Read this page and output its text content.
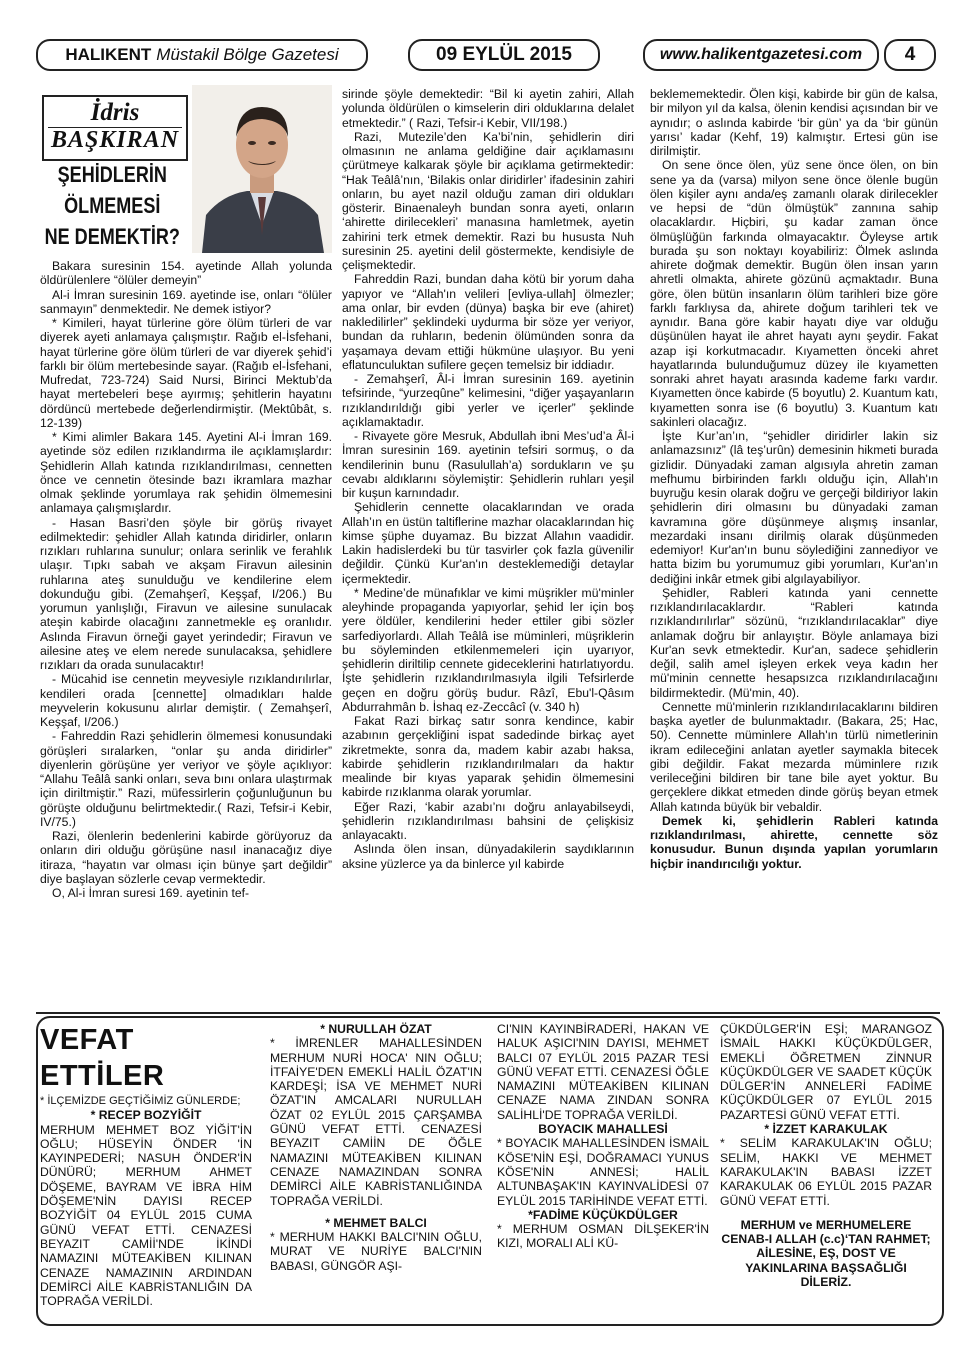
HALIKENT Müstakil Bölge Gazetesi	09 EYLÜL 2015	www.halikentgazetesi.com	4
İdris
BAŞKIRAN
ŞEHİDLERİN
ÖLMEMESİ
NE DEMEKTİR?

Bakara suresinin 154. ayetinde Allah yolunda öldürülenlere “ölüler demeyin”

Al-i İmran suresinin 169. ayetinde ise, onları “ölüler sanmayın” denmektedir. Ne demek istiyor?

* Kimileri, hayat türlerine göre ölüm türleri de var diyerek ayeti anlamaya çalışmıştır. Rağıb el-İsfehani, hayat türlerine göre ölüm türleri de var diyerek şehid’i farklı bir ölüm mertebesinde sayar. (Rağıb el-İsfehani, Mufredat, 723-724) Said Nursi, Birinci Mektub’da hayat mertebeleri beşe ayırmış; şehitlerin hayatını dördüncü mertebede değerlendirmiştir. (Mektûbât, s. 12-139)

* Kimi alimler Bakara 145. Ayetini Al-i İmran 169. ayetinde söz edilen rızıklandırma ile açıklamışlardır: Şehidlerin Allah katında rızıklandırılması, cennetten önce ve cennetin ötesinde bazı ikramlara mazhar olmak şeklinde yorumlaya rak şehidin ölmemesini anlamaya çalışmışlardır.

- Hasan Basri’den şöyle bir görüş rivayet edilmektedir: şehidler Allah katında diridirler, onların rızıkları ruhlarına sunulur; onlara serinlik ve ferahlık ulaşır. Tıpkı sabah ve akşam Firavun ailesinin ruhlarına ateş sunulduğu ve kendilerine elem dokunduğu gibi. (Zemahşerî, Keşşaf, I/206.) Bu yorumun yanlışlığı, Firavun ve ailesine sunulacak ateşin kabirde olacağını zannetmekle eş oranlıdır. Aslında Firavun örneği gayet yerindedir; Firavun ve ailesine ateş ve elem nerede sunulacaksa, şehidlere rızıkları da orada sunulacaktır!

- Mücahid ise cennetin meyvesiyle rızıklandırılırlar, kendileri orada [cennette] olmadıkları halde meyvelerin kokusunu alırlar demiştir. ( Zemahşerî, Keşşaf, I/206.)

- Fahreddin Razi şehidlerin ölmemesi konusundaki görüşleri sıralarken, “onlar şu anda diridirler” diyenlerin görüşüne yer veriyor ve şöyle açıklıyor: “Allahu Teâlâ sanki onları, seva bını onlara ulaştırmak için diriltmiştir.” Razi, müfessirlerin çoğunluğunun bu görüşte olduğunu belirtmektedir.( Razi, Tefsir-i Kebir, IV/75.)

Razi, ölenlerin bedenlerini kabirde görüyoruz da onların diri olduğu görüşüne nasıl inanacağız diye itiraza, “hayatın var olması için bünye şart değildir” diye başlayan sözlerle cevap vermektedir.

O, Al-i İmran suresi 169. ayetinin tef-

sirinde şöyle demektedir: “Bil ki ayetin zahiri, Allah yolunda öldürülen o kimselerin diri olduklarına delalet etmektedir.” ( Razi, Tefsir-i Kebir, VII/198.)

Razi, Mutezile’den Ka’bi’nin, şehidlerin diri olmasının ne anlama geldiğine dair açıklamasını çürütmeye kalkarak şöyle bir açıklama getirmektedir: “Hak Teâlâ’nın, ‘Bilakis onlar diridirler’ ifadesinin zahiri onların, bu ayet nazil olduğu zaman diri oldukları gösterir. Binaenaleyh bundan sonra ayeti, onların ‘ahirette dirilecekleri’ manasına hamletmek, ayetin zahirini terk etmek demektir. Razi bu hususta Nuh suresinin 25. ayetini delil göstermekte, kendisiyle de çelişmektedir.

Fahreddin Razi, bundan daha kötü bir yorum daha yapıyor ve “Allah'ın velileri [evliya-ullah] ölmezler; ama onlar, bir evden (dünya) başka bir eve (ahiret) nakledilirler” şeklindeki uydurma bir söze yer veriyor, bundan da ruhların, bedenin ölümünden sonra da yaşamaya devam ettiği hükmüne ulaşıyor. Bu yeni eflatunculuktan sufilere geçen temelsiz bir iddiadır.

- Zemahşerî, Âl-i İmran suresinin 169. ayetinin tefsirinde, “yurzeqûne” kelimesini, “diğer yaşayanların rızıklandırıldığı gibi yerler ve içerler” şeklinde açıklamaktadır.

- Rivayete göre Mesruk, Abdullah ibni Mes’ud’a Âl-i İmran suresinin 169. ayetinin tefsiri sormuş, o da kendilerinin bunu (Rasulullah’a) sordukların ve şu cevabı aldıklarını söylemiştir: Şehidlerin ruhları yeşil bir kuşun karnındadır.

Şehidlerin cennette olacaklarından ve orada Allah’ın en üstün taltiflerine mazhar olacaklarından hiç kimse şüphe duyamaz. Bu bizzat Allahın vaadidir. Lakin hadislerdeki bu tür tasvirler çok fazla güvenilir değildir. Çünkü Kur'an'ın desteklemediği detaylar içermektedir.

* Medine’de münafıklar ve kimi müşrikler mü'minler aleyhinde propaganda yapıyorlar, şehid ler için boş yere öldüler, kendilerini heder ettiler gibi sözler sarfediyorlardı. Allah Teâlâ ise müminleri, müşriklerin bu söyleminden etkilenmemeleri için uyarıyor, şehidlerin diriltilip cennete gideceklerini hatırlatıyordu. İşte şehidlerin rızıklandırılmasıyla ilgili Tefsirlerde geçen en doğru görüş budur. Râzî, Ebu'l-Qâsım Abdurrahmân b. İshaq ez-Zeccâcî (v. 340 h)

Fakat Razi birkaç satır sonra kendince, kabir azabının gerçekliğini ispat sadedinde birkaç ayet zikretmekte, sonra da, madem kabir azabı haksa, kabirde şehidlerin rızıklandırılmaları da haktır mealinde bir kıyas yaparak şehidin ölmemesini kabirde rızıklanma olarak yorumlar.

Eğer Razi, ‘kabir azabı’nı doğru anlayabilseydi, şehidlerin rızıklandırılması bahsini de çelişkisiz anlayacaktı.

Aslında ölen insan, dünyadakilerin saydıklarının aksine yüzlerce ya da binlerce yıl kabirde

beklememektedir. Ölen kişi, kabirde bir gün de kalsa, bir milyon yıl da kalsa, ölenin kendisi açısından bir ve aynıdır; o aslında kabirde ‘bir gün’ ya da ‘bir günün yarısı’ kadar (Kehf, 19) kalmıştır. Ertesi gün ise dirilmiştir.

On sene önce ölen, yüz sene önce ölen, on bin sene ya da (varsa) milyon sene önce ölenle bugün ölen kişiler aynı anda/eş zamanlı olarak dirilecekler ve hepsi de “dün ölmüştük” zannına sahip olacaklardır. Hiçbiri, şu kadar zaman önce ölmüşlüğün farkında olmayacaktır. Öyleyse artık burada şu son noktayı koyabiliriz: Ölmek aslında ahirete doğmak demektir. Bugün ölen insan yarın ahretli olmakta, ahirete gözünü açmaktadır. Buna göre, ölen bütün insanların ölüm tarihleri bize göre farklı farklıysa da, ahirete doğum tarihleri tek ve aynıdır. Bana göre kabir hayatı diye var olduğu düşünülen hayat ile ahret hayatı aynı şeydir. Fakat azap işi korkutmacadır. Kıyametten önceki ahret hayatlarında bulunduğumuz düzey ile kıyametten sonraki ahret hayatı arasında kademe farkı vardır. Kıyametten önce kabirde (5 boyutlu) 2. Kuantum katı, kıyametten sonra ise (6 boyutlu) 3. Kuantum katı sakinleri olacağız.

İşte Kur’an’ın, “şehidler diridirler lakin siz anlamazsınız” (lâ teş’urûn) demesinin hikmeti burada gizlidir. Dünyadaki zaman algısıyla ahretin zaman mefhumu birbirinden farklı olduğu için, Allah'ın buyruğu kesin olarak doğru ve gerçeği bildiriyor lakin şehidlerin diri olmasını bu dünyadaki zaman kavramına göre düşünmeye alışmış insanlar, mezardaki insanı dirilmiş olarak düşünmeden edemiyor! Kur'an'ın bunu söylediğini zannediyor ve hatta bizim bu yorumumuz gibi yorumları, Kur'an’ın dediğini inkâr etmek gibi algılayabiliyor.

Şehidler, Rableri katında yani cennette rızıklandırılacaklardır. “Rableri katında rızıklandırılırlar” sözünü, “rızıklandırılacaklar” diye anlamak doğru bir anlayıştır. Böyle anlamaya bizi Kur'an sevk etmektedir. Kur'an, sadece şehidlerin değil, salih amel işleyen erkek veya kadın her mü'minin cennette hesapsızca rızıklandırılacağını bildirmektedir. (Mü'min, 40).

Cennette mü'minlerin rızıklandırılacaklarını bildiren başka ayetler de bulunmaktadır. (Bakara, 25; Hac, 50). Cennette müminlere Allah'ın türlü nimetlerinin ikram edileceğini anlatan ayetler saymakla bitecek gibi değildir. Fakat mezarda müminlere rızık verileceğini bildiren bir tane bile ayet yoktur. Bu gerçeklere dikkat etmeden dinde görüş beyan etmek Allah katında büyük bir vebaldir.

Demek ki, şehidlerin Rableri katında rızıklandırılması, ahirette, cennette söz konusudur. Bunun dışında yapılan yorumların hiçbir inandırıcılığı yoktur.

VEFAT ETTİLER

* İLÇEMİZDE GEÇTİĞİMİZ GÜNLERDE;

* RECEP BOZYİĞİT

MERHUM MEHMET BOZ YİĞİT'İN OĞLU; HÜSEYİN ÖNDER 'İN KAYINPEDERİ; NASUH ÖNDER'İN DÜNÜRÜ; MERHUM AHMET DÖŞEME, BAYRAM VE İBRA HİM DÖŞEME'NİN DAYISI RECEP BOZYİĞİT 04 EYLÜL 2015 CUMA GÜNÜ VEFAT ETTİ. CENAZESİ BEYAZIT CAMİİ'NDE İKİNDİ NAMAZINI MÜTEAKİBEN KILINAN CENAZE NAMAZININ ARDINDAN DEMİRCİ AİLE KABRİSTANLIĞIN DA TOPRAĞA VERİLDİ.

* NURULLAH ÖZAT

* İMRENLER MAHALLESİNDEN MERHUM NURİ HOCA' NIN OĞLU; İTFAİYE'DEN EMEKLİ HALİL ÖZAT'IN KARDEŞİ; İSA VE MEHMET NURİ ÖZAT'IN AMCALARI NURULLAH ÖZAT 02 EYLÜL 2015 ÇARŞAMBA GÜNÜ VEFAT ETTİ. CENAZESİ BEYAZIT CAMİİN DE ÖĞLE NAMAZINI MÜTEAKİBEN KILINAN CENAZE NAMAZINDAN SONRA DEMİRCİ AİLE KABRİSTANLIĞINDA TOPRAĞA VERİLDİ.

* MEHMET BALCI

* MERHUM HAKKI BALCI'NIN OĞLU, MURAT VE NURİYE BALCI'NIN BABASI, GÜNGÖR AŞI-

CI'NIN KAYINBİRADERİ, HAKAN VE HALUK AŞICI'NIN DAYISI, MEHMET BALCI 07 EYLÜL 2015 PAZAR TESİ GÜNÜ VEFAT ETTİ. CENAZESİ ÖĞLE NAMAZINI MÜTEAKİBEN KILINAN CENAZE NAMA ZINDAN SONRA SALİHLİ'DE TOPRAĞA VERİLDİ.

BOYACIK MAHALLESİ

* BOYACIK MAHALLESİNDEN İSMAİL KÖSE'NİN EŞİ, DOĞRAMACI YUNUS KÖSE'NİN ANNESİ; HALİL ALTUNBAŞAK'IN KAYINVALİDESİ 07 EYLÜL 2015 TARİHİNDE VEFAT ETTİ.

*FADİME KÜÇÜKDÜLGER

* MERHUM OSMAN DİLŞEKER'İN KIZI, MORALI ALİ KÜ-

ÇÜKDÜLGER'İN EŞİ; MARANGOZ İSMAİL HAKKI KÜÇÜKDÜLGER, EMEKLİ ÖĞRETMEN ZİNNUR KÜÇÜKDÜLGER VE SAADET KÜÇÜK DÜLGER'İN ANNELERİ FADİME KÜÇÜKDÜLGER 07 EYLÜL 2015 PAZARTESİ GÜNÜ VEFAT ETTİ.

* İZZET KARAKULAK

* SELİM KARAKULAK'IN OĞLU; SELİM, HAKKI VE MEHMET KARAKULAK'IN BABASI İZZET KARAKULAK 06 EYLÜL 2015 PAZAR GÜNÜ VEFAT ETTİ.

MERHUM ve MERHUMELERE CENAB-I ALLAH (c.c)‘TAN RAHMET; AİLESİNE, EŞ, DOST VE YAKINLARINA BAŞSAĞLIĞI DİLERİZ.
